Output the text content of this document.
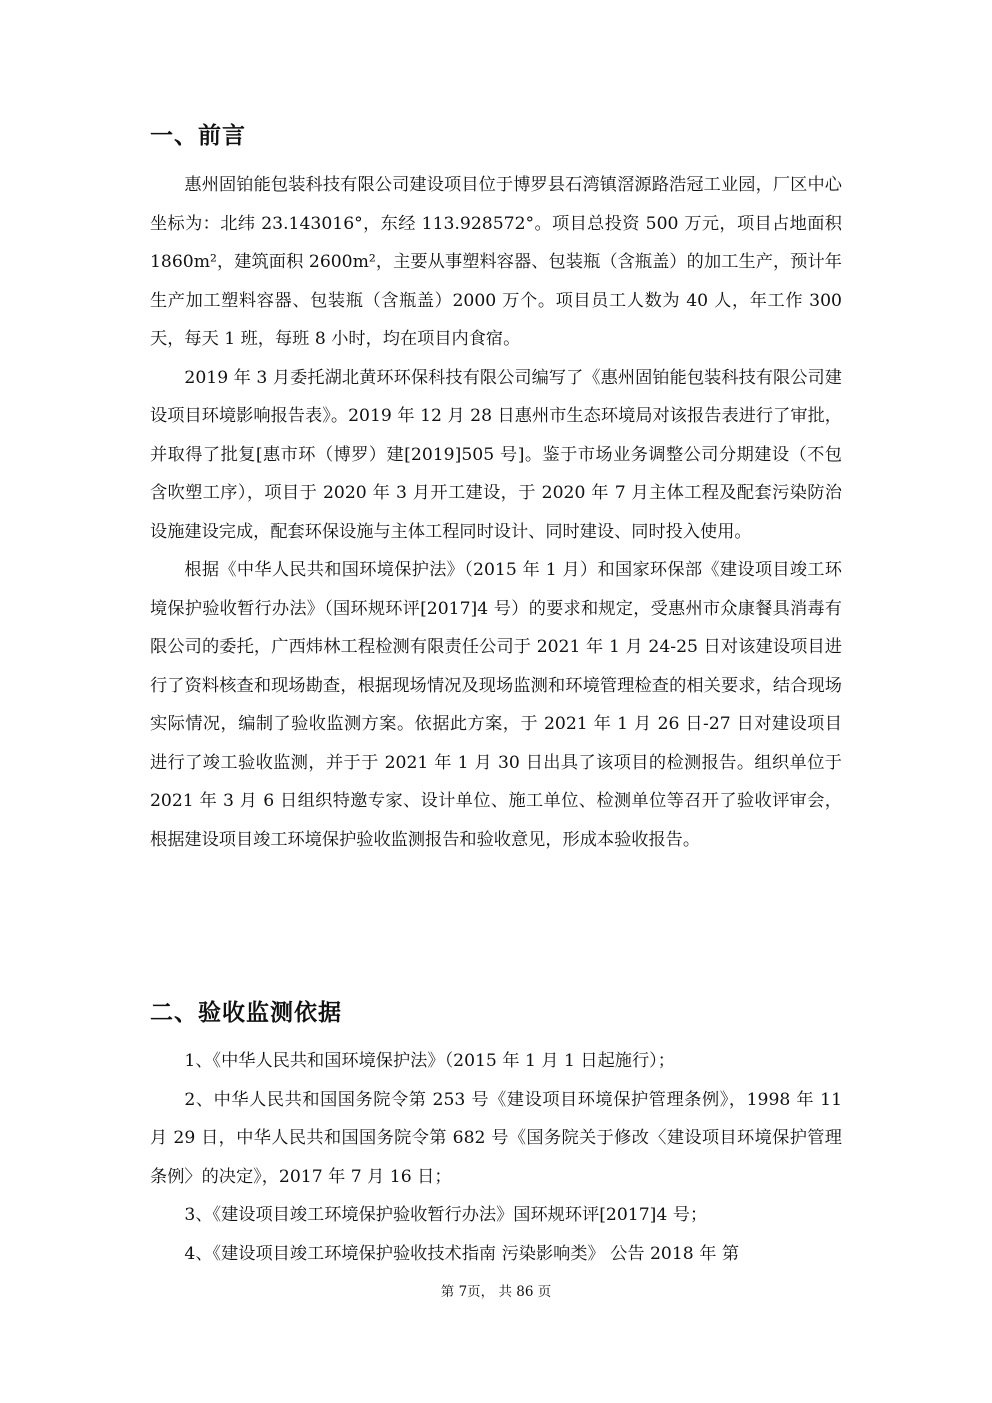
一、前言

惠州固铂能包装科技有限公司建设项目位于博罗县石湾镇滘源路浩冠工业园，厂区中心坐标为：北纬 23.143016°，东经 113.928572°。项目总投资 500 万元，项目占地面积 1860m²，建筑面积 2600m²，主要从事塑料容器、包装瓶（含瓶盖）的加工生产，预计年生产加工塑料容器、包装瓶（含瓶盖）2000 万个。项目员工人数为 40 人，年工作 300 天，每天 1 班，每班 8 小时，均在项目内食宿。

2019 年 3 月委托湖北黄环环保科技有限公司编写了《惠州固铂能包装科技有限公司建设项目环境影响报告表》。2019 年 12 月 28 日惠州市生态环境局对该报告表进行了审批，并取得了批复[惠市环（博罗）建[2019]505 号]。鉴于市场业务调整公司分期建设（不包含吹塑工序），项目于 2020 年 3 月开工建设，于 2020 年 7 月主体工程及配套污染防治设施建设完成，配套环保设施与主体工程同时设计、同时建设、同时投入使用。

根据《中华人民共和国环境保护法》（2015 年 1 月）和国家环保部《建设项目竣工环境保护验收暂行办法》（国环规环评[2017]4 号）的要求和规定，受惠州市众康餐具消毒有限公司的委托，广西炜林工程检测有限责任公司于 2021 年 1 月 24-25 日对该建设项目进行了资料核查和现场勘查，根据现场情况及现场监测和环境管理检查的相关要求，结合现场实际情况，编制了验收监测方案。依据此方案，于 2021 年 1 月 26 日-27 日对建设项目进行了竣工验收监测，并于于 2021 年 1 月 30 日出具了该项目的检测报告。组织单位于 2021 年 3 月 6 日组织特邀专家、设计单位、施工单位、检测单位等召开了验收评审会，根据建设项目竣工环境保护验收监测报告和验收意见，形成本验收报告。

二、验收监测依据

1、《中华人民共和国环境保护法》（2015 年 1 月 1 日起施行）；

2、中华人民共和国国务院令第 253 号《建设项目环境保护管理条例》，1998 年 11 月 29 日，中华人民共和国国务院令第 682 号《国务院关于修改〈建设项目环境保护管理条例〉的决定》，2017 年 7 月 16 日；

3、《建设项目竣工环境保护验收暂行办法》国环规环评[2017]4 号；

4、《建设项目竣工环境保护验收技术指南 污染影响类》 公告 2018 年 第

第 7页， 共 86 页
